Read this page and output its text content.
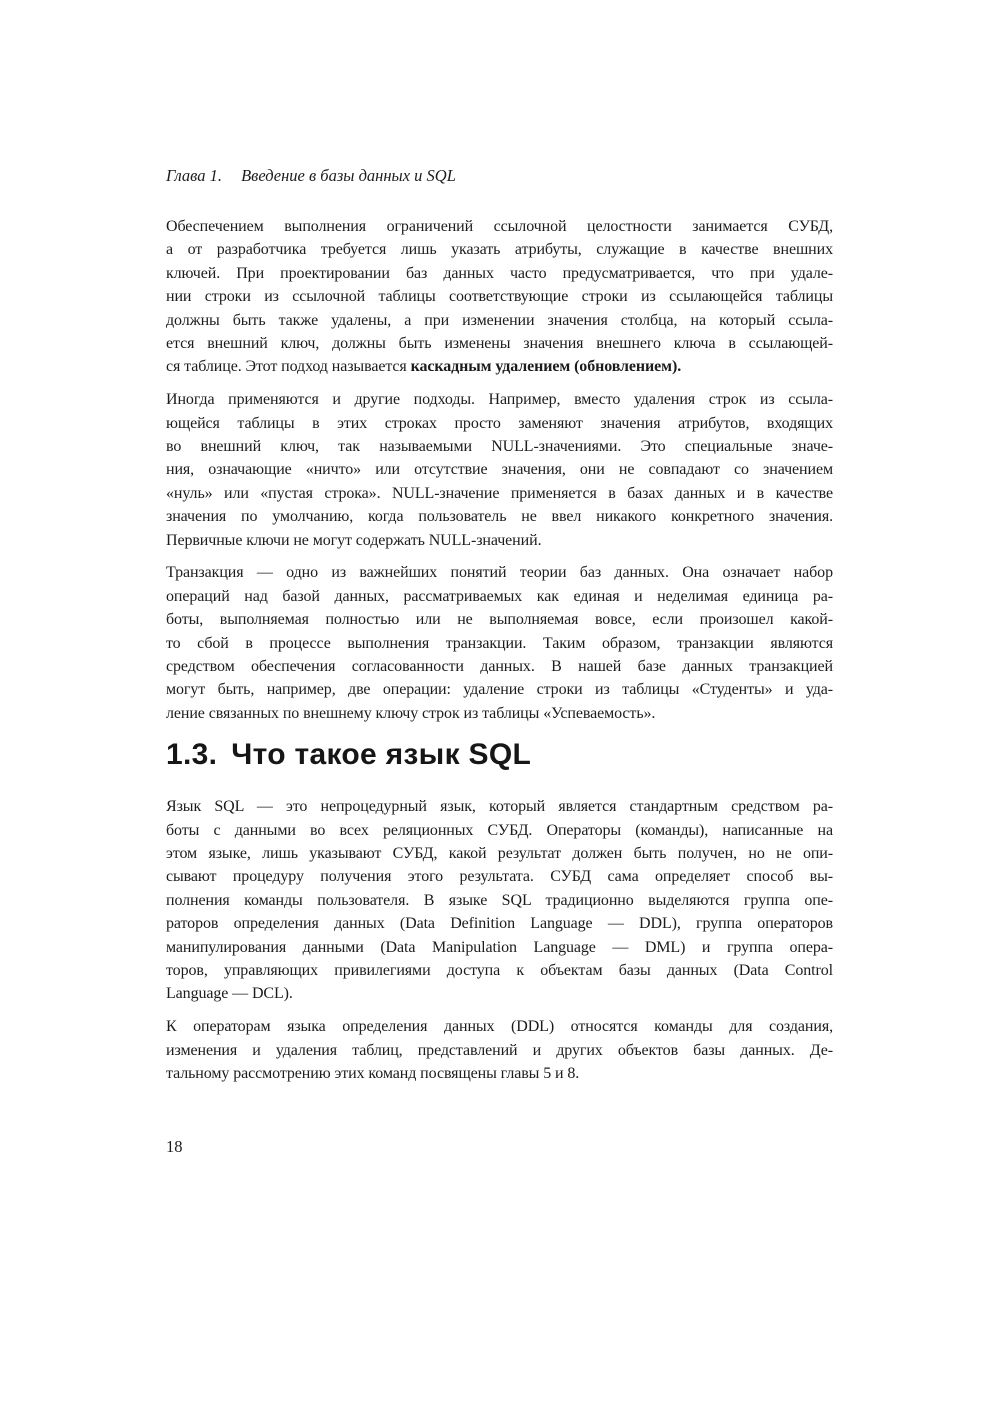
Глава 1. Введение в базы данных и SQL
Обеспечением выполнения ограничений ссылочной целостности занимается СУБД,
а от разработчика требуется лишь указать атрибуты, служащие в качестве внешних
ключей. При проектировании баз данных часто предусматривается, что при удале-
нии строки из ссылочной таблицы соответствующие строки из ссылающейся таблицы
должны быть также удалены, а при изменении значения столбца, на который ссыла-
ется внешний ключ, должны быть изменены значения внешнего ключа в ссылающей-
ся таблице. Этот подход называется каскадным удалением (обновлением).
Иногда применяются и другие подходы. Например, вместо удаления строк из ссыла-
ющейся таблицы в этих строках просто заменяют значения атрибутов, входящих
во внешний ключ, так называемыми NULL-значениями. Это специальные значе-
ния, означающие «ничто» или отсутствие значения, они не совпадают со значением
«нуль» или «пустая строка». NULL-значение применяется в базах данных и в качестве
значения по умолчанию, когда пользователь не ввел никакого конкретного значения.
Первичные ключи не могут содержать NULL-значений.
Транзакция — одно из важнейших понятий теории баз данных. Она означает набор
операций над базой данных, рассматриваемых как единая и неделимая единица ра-
боты, выполняемая полностью или не выполняемая вовсе, если произошел какой-
то сбой в процессе выполнения транзакции. Таким образом, транзакции являются
средством обеспечения согласованности данных. В нашей базе данных транзакцией
могут быть, например, две операции: удаление строки из таблицы «Студенты» и уда-
ление связанных по внешнему ключу строк из таблицы «Успеваемость».
1.3. Что такое язык SQL
Язык SQL — это непроцедурный язык, который является стандартным средством ра-
боты с данными во всех реляционных СУБД. Операторы (команды), написанные на
этом языке, лишь указывают СУБД, какой результат должен быть получен, но не опи-
сывают процедуру получения этого результата. СУБД сама определяет способ вы-
полнения команды пользователя. В языке SQL традиционно выделяются группа опе-
раторов определения данных (Data Definition Language — DDL), группа операторов
манипулирования данными (Data Manipulation Language — DML) и группа опера-
торов, управляющих привилегиями доступа к объектам базы данных (Data Control
Language — DCL).
К операторам языка определения данных (DDL) относятся команды для создания,
изменения и удаления таблиц, представлений и других объектов базы данных. Де-
тальному рассмотрению этих команд посвящены главы 5 и 8.
18
